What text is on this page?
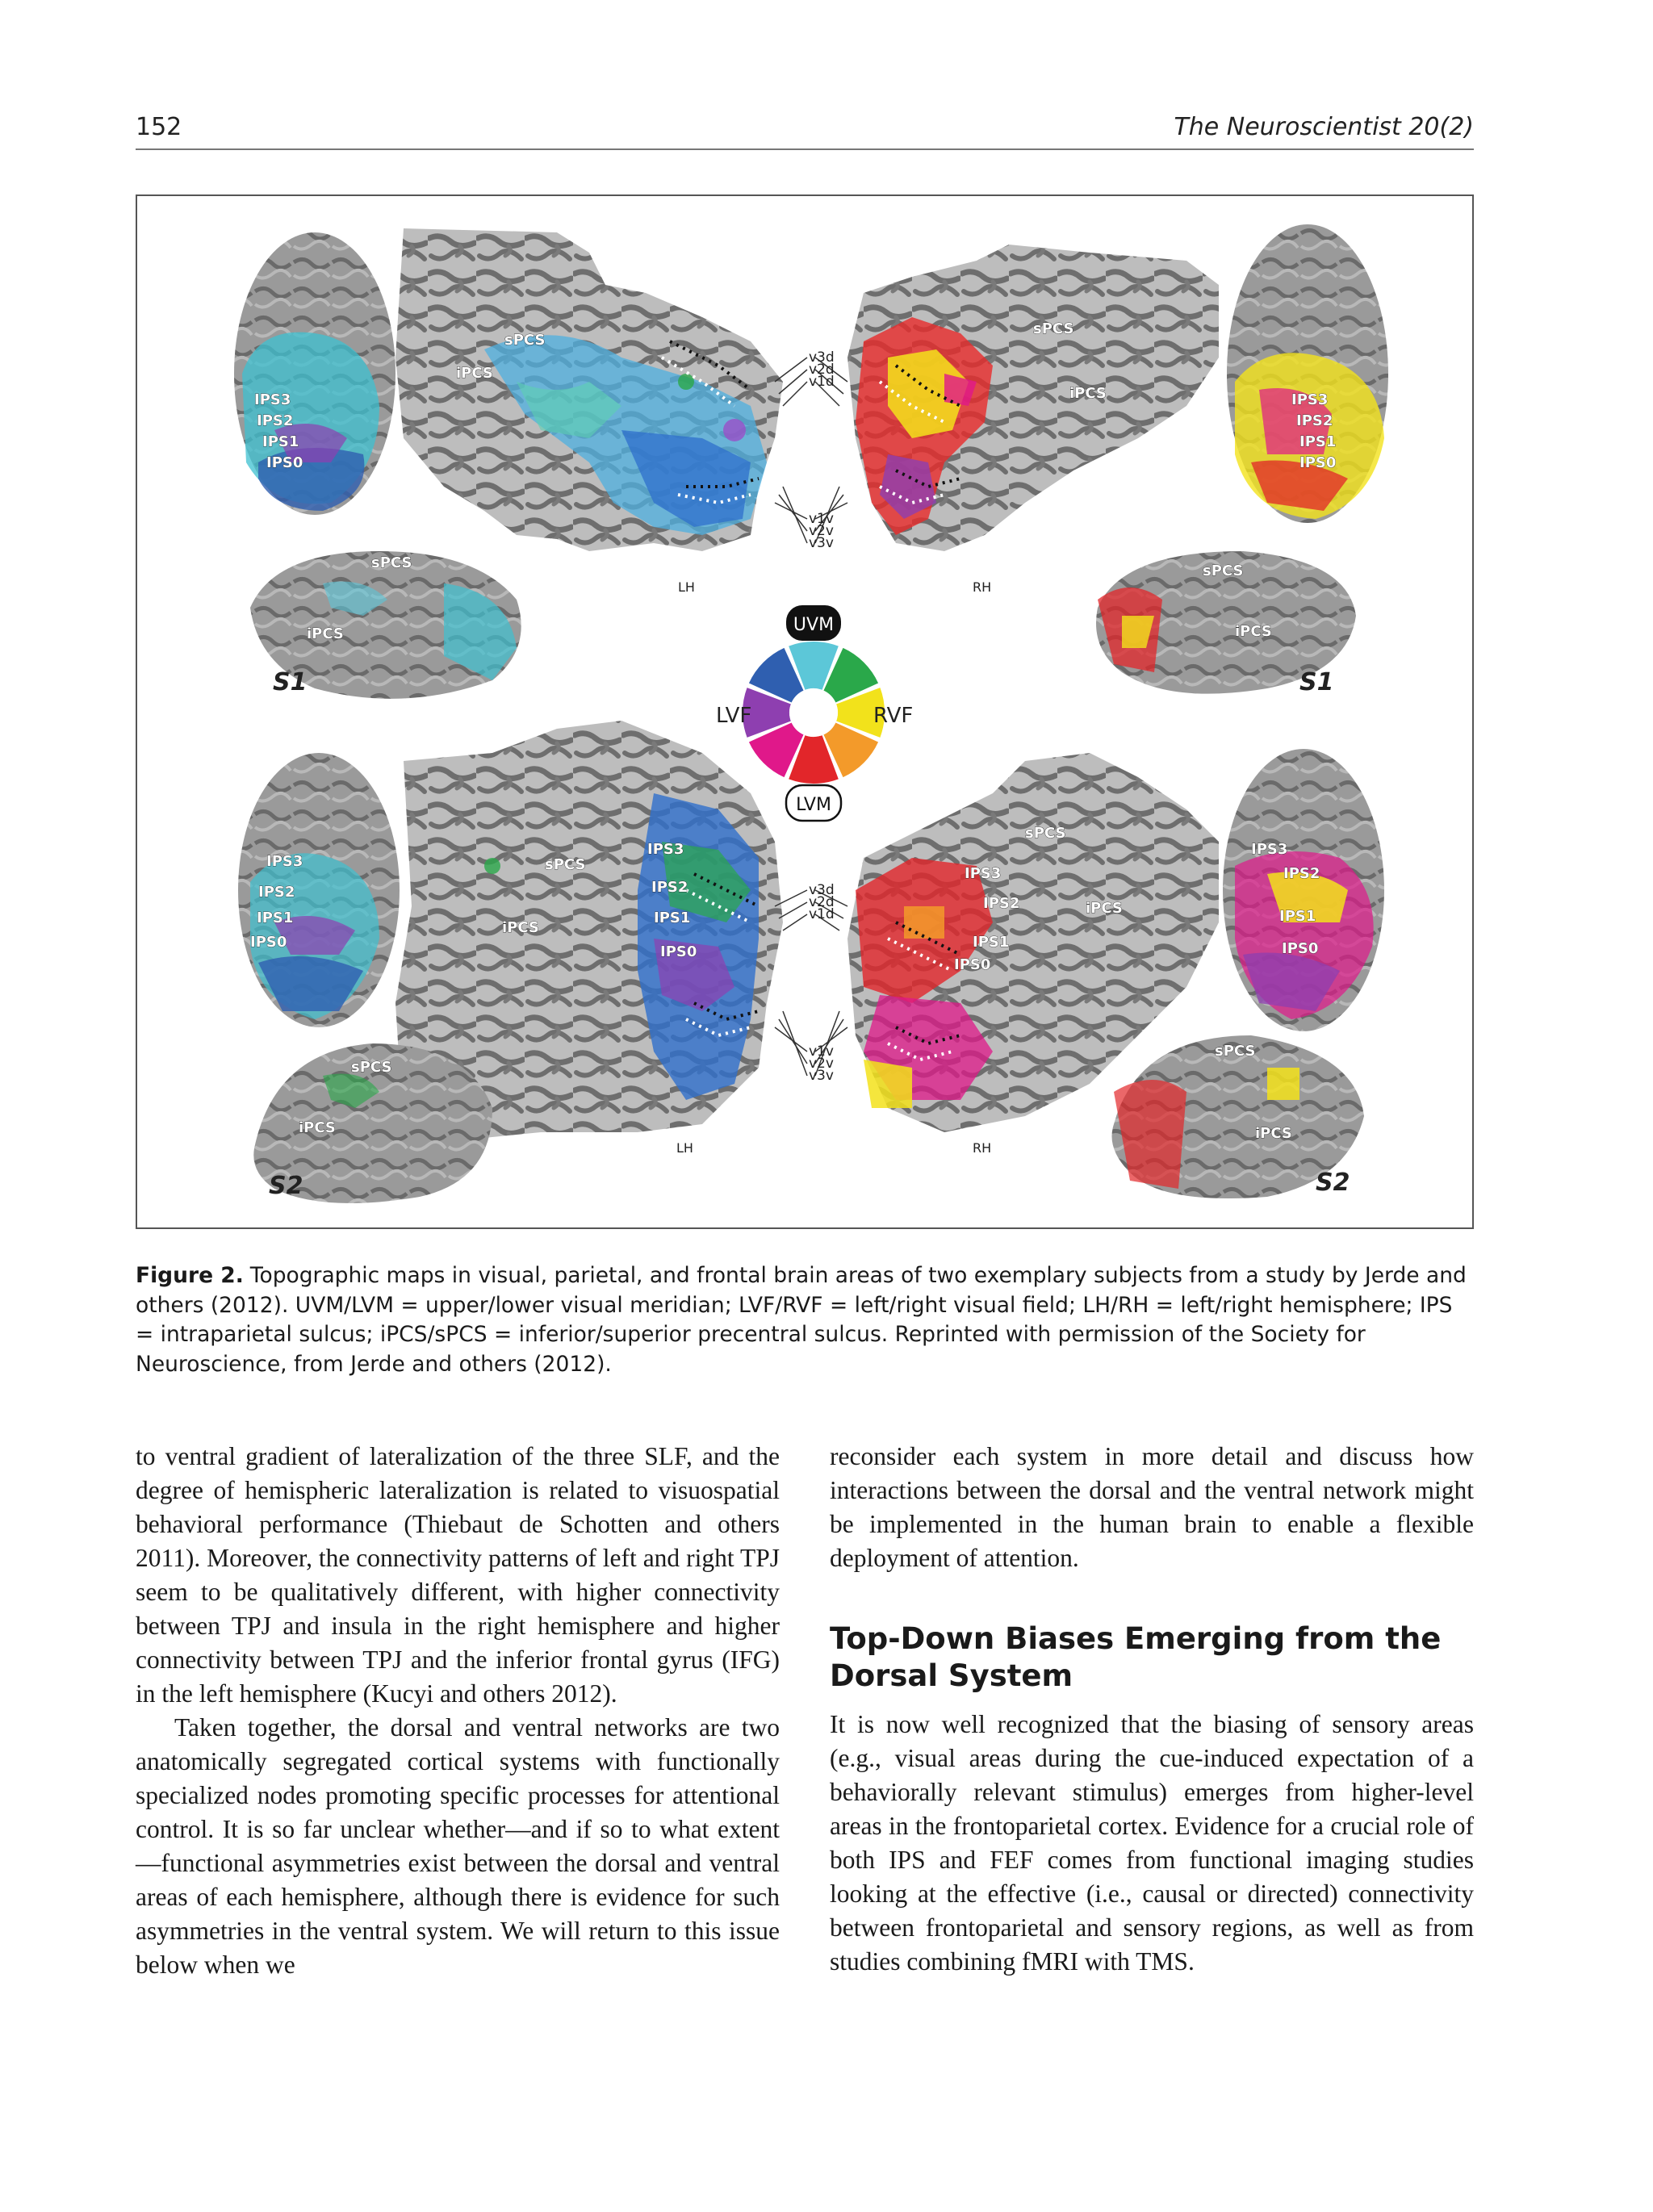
152	The Neuroscientist 20(2)
v3d
v2d
v1d
v1v
v2v
v3v
sPCS
iPCS
sPCS
iPCS
LH	RH
IPS3
IPS2
IPS1
IPS0
IPS3
IPS2
IPS1
IPS0
sPCS
iPCS
S1
sPCS
iPCS
S1
UVM
LVM
LVF	RVF
v3d
v2d
v1d
v1v
v2v
v3v
sPCS
iPCS
IPS3
IPS2
IPS1
IPS0
sPCS
iPCS
IPS3
IPS2
IPS1
IPS0
LH	RH
IPS3
IPS2
IPS1
IPS0
IPS3
IPS2
IPS1
IPS0
sPCS
iPCS
S2
sPCS
iPCS
S2
Figure 2. Topographic maps in visual, parietal, and frontal brain areas of two exemplary subjects from a study by Jerde and others (2012). UVM/LVM = upper/lower visual meridian; LVF/RVF = left/right visual field; LH/RH = left/right hemisphere; IPS = intraparietal sulcus; iPCS/sPCS = inferior/superior precentral sulcus. Reprinted with permission of the Society for Neuroscience, from Jerde and others (2012).

to ventral gradient of lateralization of the three SLF, and the degree of hemispheric lateralization is related to visuospatial behavioral performance (Thiebaut de Schotten and others 2011). Moreover, the connectivity patterns of left and right TPJ seem to be qualitatively different, with higher connectivity between TPJ and insula in the right hemisphere and higher connectivity between TPJ and the inferior frontal gyrus (IFG) in the left hemisphere (Kucyi and others 2012).

Taken together, the dorsal and ventral networks are two anatomically segregated cortical systems with functionally specialized nodes promoting specific processes for attentional control. It is so far unclear whether—and if so to what extent—functional asymmetries exist between the dorsal and ventral areas of each hemisphere, although there is evidence for such asymmetries in the ventral system. We will return to this issue below when we

reconsider each system in more detail and discuss how interactions between the dorsal and the ventral network might be implemented in the human brain to enable a flexible deployment of attention.

Top-Down Biases Emerging from the Dorsal System

It is now well recognized that the biasing of sensory areas (e.g., visual areas during the cue-induced expectation of a behaviorally relevant stimulus) emerges from higher-level areas in the frontoparietal cortex. Evidence for a crucial role of both IPS and FEF comes from functional imaging studies looking at the effective (i.e., causal or directed) connectivity between frontoparietal and sensory regions, as well as from studies combining fMRI with TMS.
